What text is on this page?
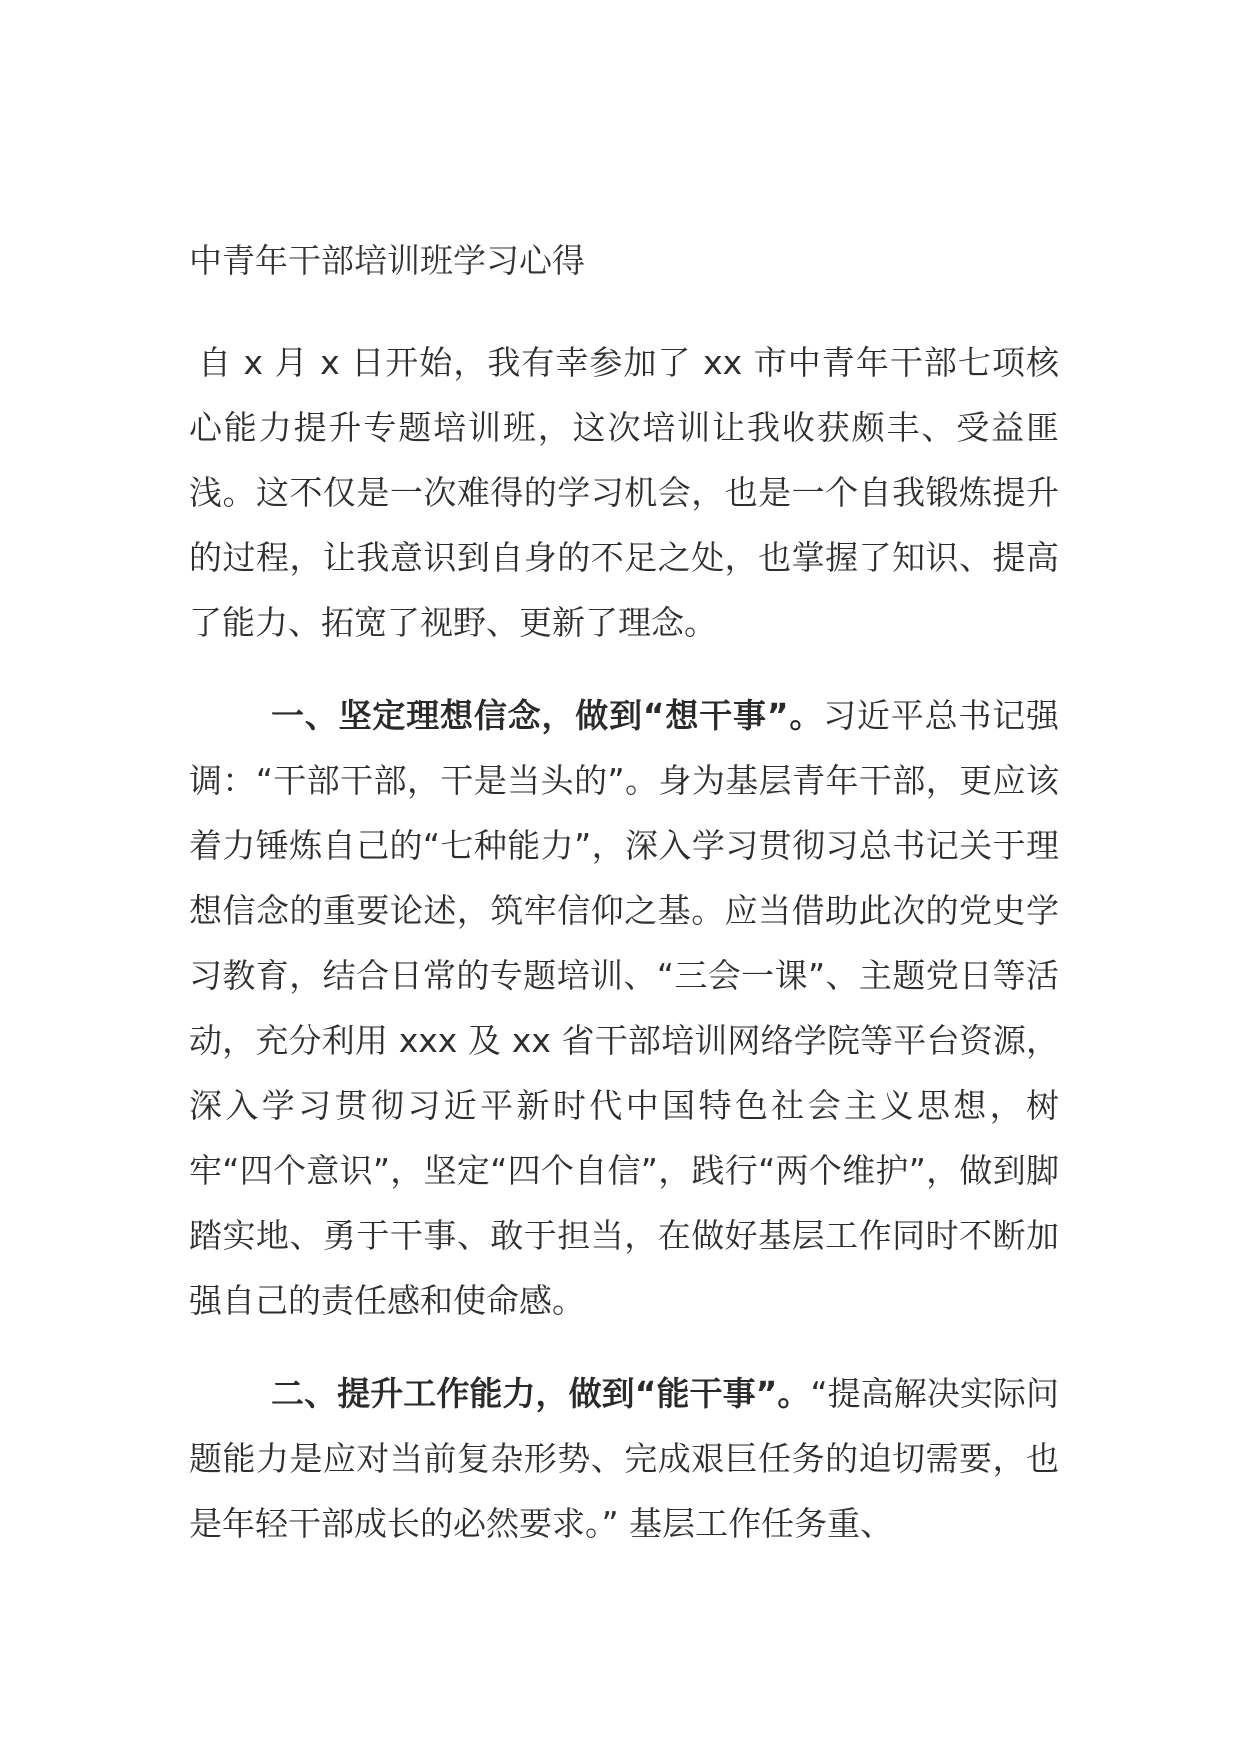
中青年干部培训班学习心得

自 x 月 x 日开始，我有幸参加了 xx 市中青年干部七项核心能力提升专题培训班，这次培训让我收获颇丰、受益匪浅。这不仅是一次难得的学习机会，也是一个自我锻炼提升的过程，让我意识到自身的不足之处，也掌握了知识、提高了能力、拓宽了视野、更新了理念。

一、坚定理想信念，做到“想干事”。习近平总书记强调：“干部干部，干是当头的”。身为基层青年干部，更应该着力锤炼自己的“七种能力”，深入学习贯彻习总书记关于理想信念的重要论述，筑牢信仰之基。应当借助此次的党史学习教育，结合日常的专题培训、“三会一课”、主题党日等活动，充分利用 xxx 及 xx 省干部培训网络学院等平台资源，深入学习贯彻习近平新时代中国特色社会主义思想，树牢“四个意识”，坚定“四个自信”，践行“两个维护”，做到脚踏实地、勇于干事、敢于担当，在做好基层工作同时不断加强自己的责任感和使命感。

二、提升工作能力，做到“能干事”。“提高解决实际问题能力是应对当前复杂形势、完成艰巨任务的迫切需要，也是年轻干部成长的必然要求。” 基层工作任务重、
